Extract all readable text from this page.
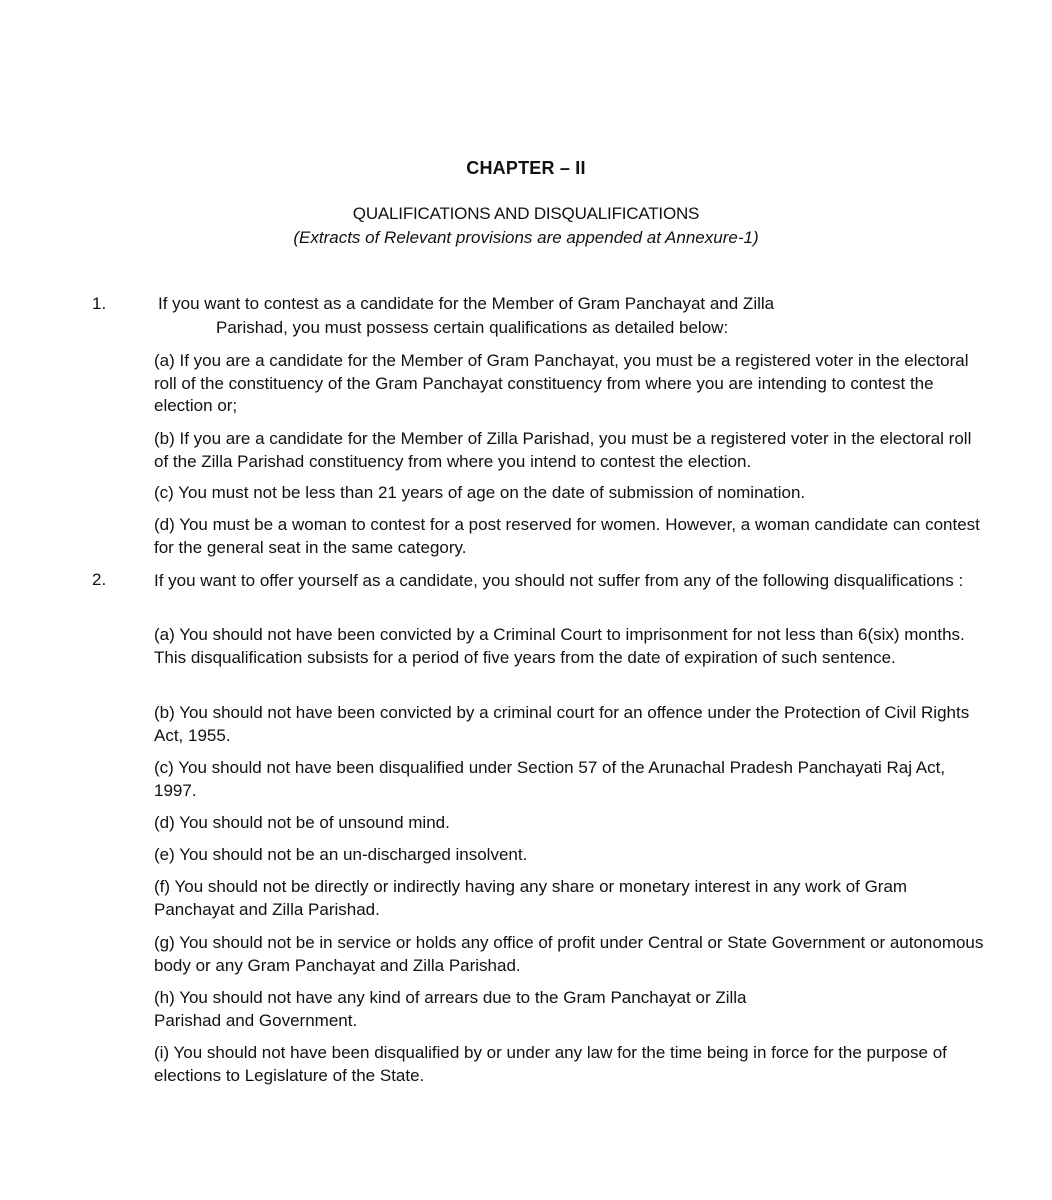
CHAPTER – II
QUALIFICATIONS AND DISQUALIFICATIONS
(Extracts of Relevant provisions are appended at Annexure-1)
1.	If you want to contest as a candidate for the Member of Gram Panchayat and Zilla
Parishad, you must possess certain qualifications as detailed below:
(a) If you are a candidate for the Member of Gram Panchayat, you must be a registered voter in the electoral roll of the constituency of the Gram Panchayat constituency from where you are intending to contest the election or;
(b) If you are a candidate for the Member of Zilla Parishad, you must be a registered voter in the electoral roll of the Zilla Parishad constituency from where you intend to contest the election.
(c) You must not be less than 21 years of age on the date of submission of nomination.
(d) You must be a woman to contest for a post reserved for women. However, a woman candidate can contest for the general seat in the same category.
2.	If you want to offer yourself as a candidate, you should not suffer from any of the following disqualifications :
(a) You should not have been convicted by a Criminal Court to imprisonment for not less than 6(six) months. This disqualification subsists for a period of five years from the date of expiration of such sentence.
(b) You should not have been convicted by a criminal court for an offence under the Protection of Civil Rights Act, 1955.
(c) You should not have been disqualified under Section 57 of the Arunachal Pradesh Panchayati Raj Act, 1997.
(d) You should not be of unsound mind.
(e) You should not be an un-discharged insolvent.
(f) You should not be directly or indirectly having any share or monetary interest in any work of Gram Panchayat and Zilla Parishad.
(g) You should not be in service or holds any office of profit under Central or State Government or autonomous body or any Gram Panchayat and Zilla Parishad.
(h) You should not have any kind of arrears due to the Gram Panchayat or Zilla
Parishad and Government.
(i) You should not have been disqualified by or under any law for the time being in force for the purpose of elections to Legislature of the State.
